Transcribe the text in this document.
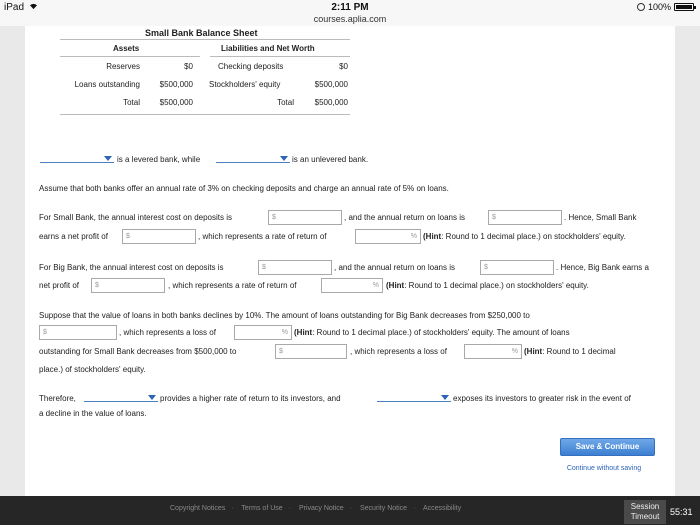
iPad	2:11 PM
courses.aplia.com
100%
Small Bank Balance Sheet
Assets	Liabilities and Net Worth
Reserves	$0	Checking deposits	$0
Loans outstanding $500,000 Stockholders' equity	$500,000
Total $500,000	Total	$500,000
is a levered bank, while	is an unlevered bank.
Assume that both banks offer an annual rate of 3% on checking deposits and charge an annual rate of 5% on loans.
For Small Bank, the annual interest cost on deposits is	$	, and the annual return on loans is	$	. Hence, Small Bank
earns a net profit of	$	, which represents a rate of return of	% (Hint: Round to 1 decimal place.) on stockholders' equity.
For Big Bank, the annual interest cost on deposits is	$	, and the annual return on loans is	$	. Hence, Big Bank earns a
net profit of	$	, which represents a rate of return of	% (Hint: Round to 1 decimal place.) on stockholders' equity.
Suppose that the value of loans in both banks declines by 10%. The amount of loans outstanding for Big Bank decreases from $250,000 to
$	, which represents a loss of	% (Hint: Round to 1 decimal place.) of stockholders' equity. The amount of loans
outstanding for Small Bank decreases from $500,000 to	$	, which represents a loss of	% (Hint: Round to 1 decimal
place.) of stockholders' equity.
Therefore,	provides a higher rate of return to its investors, and	exposes its investors to greater risk in the event of
a decline in the value of loans.
Save & Continue
Continue without saving
Copyright Notices · Terms of Use · Privacy Notice · Security Notice · Accessibility	Session
Timeout	55:31
